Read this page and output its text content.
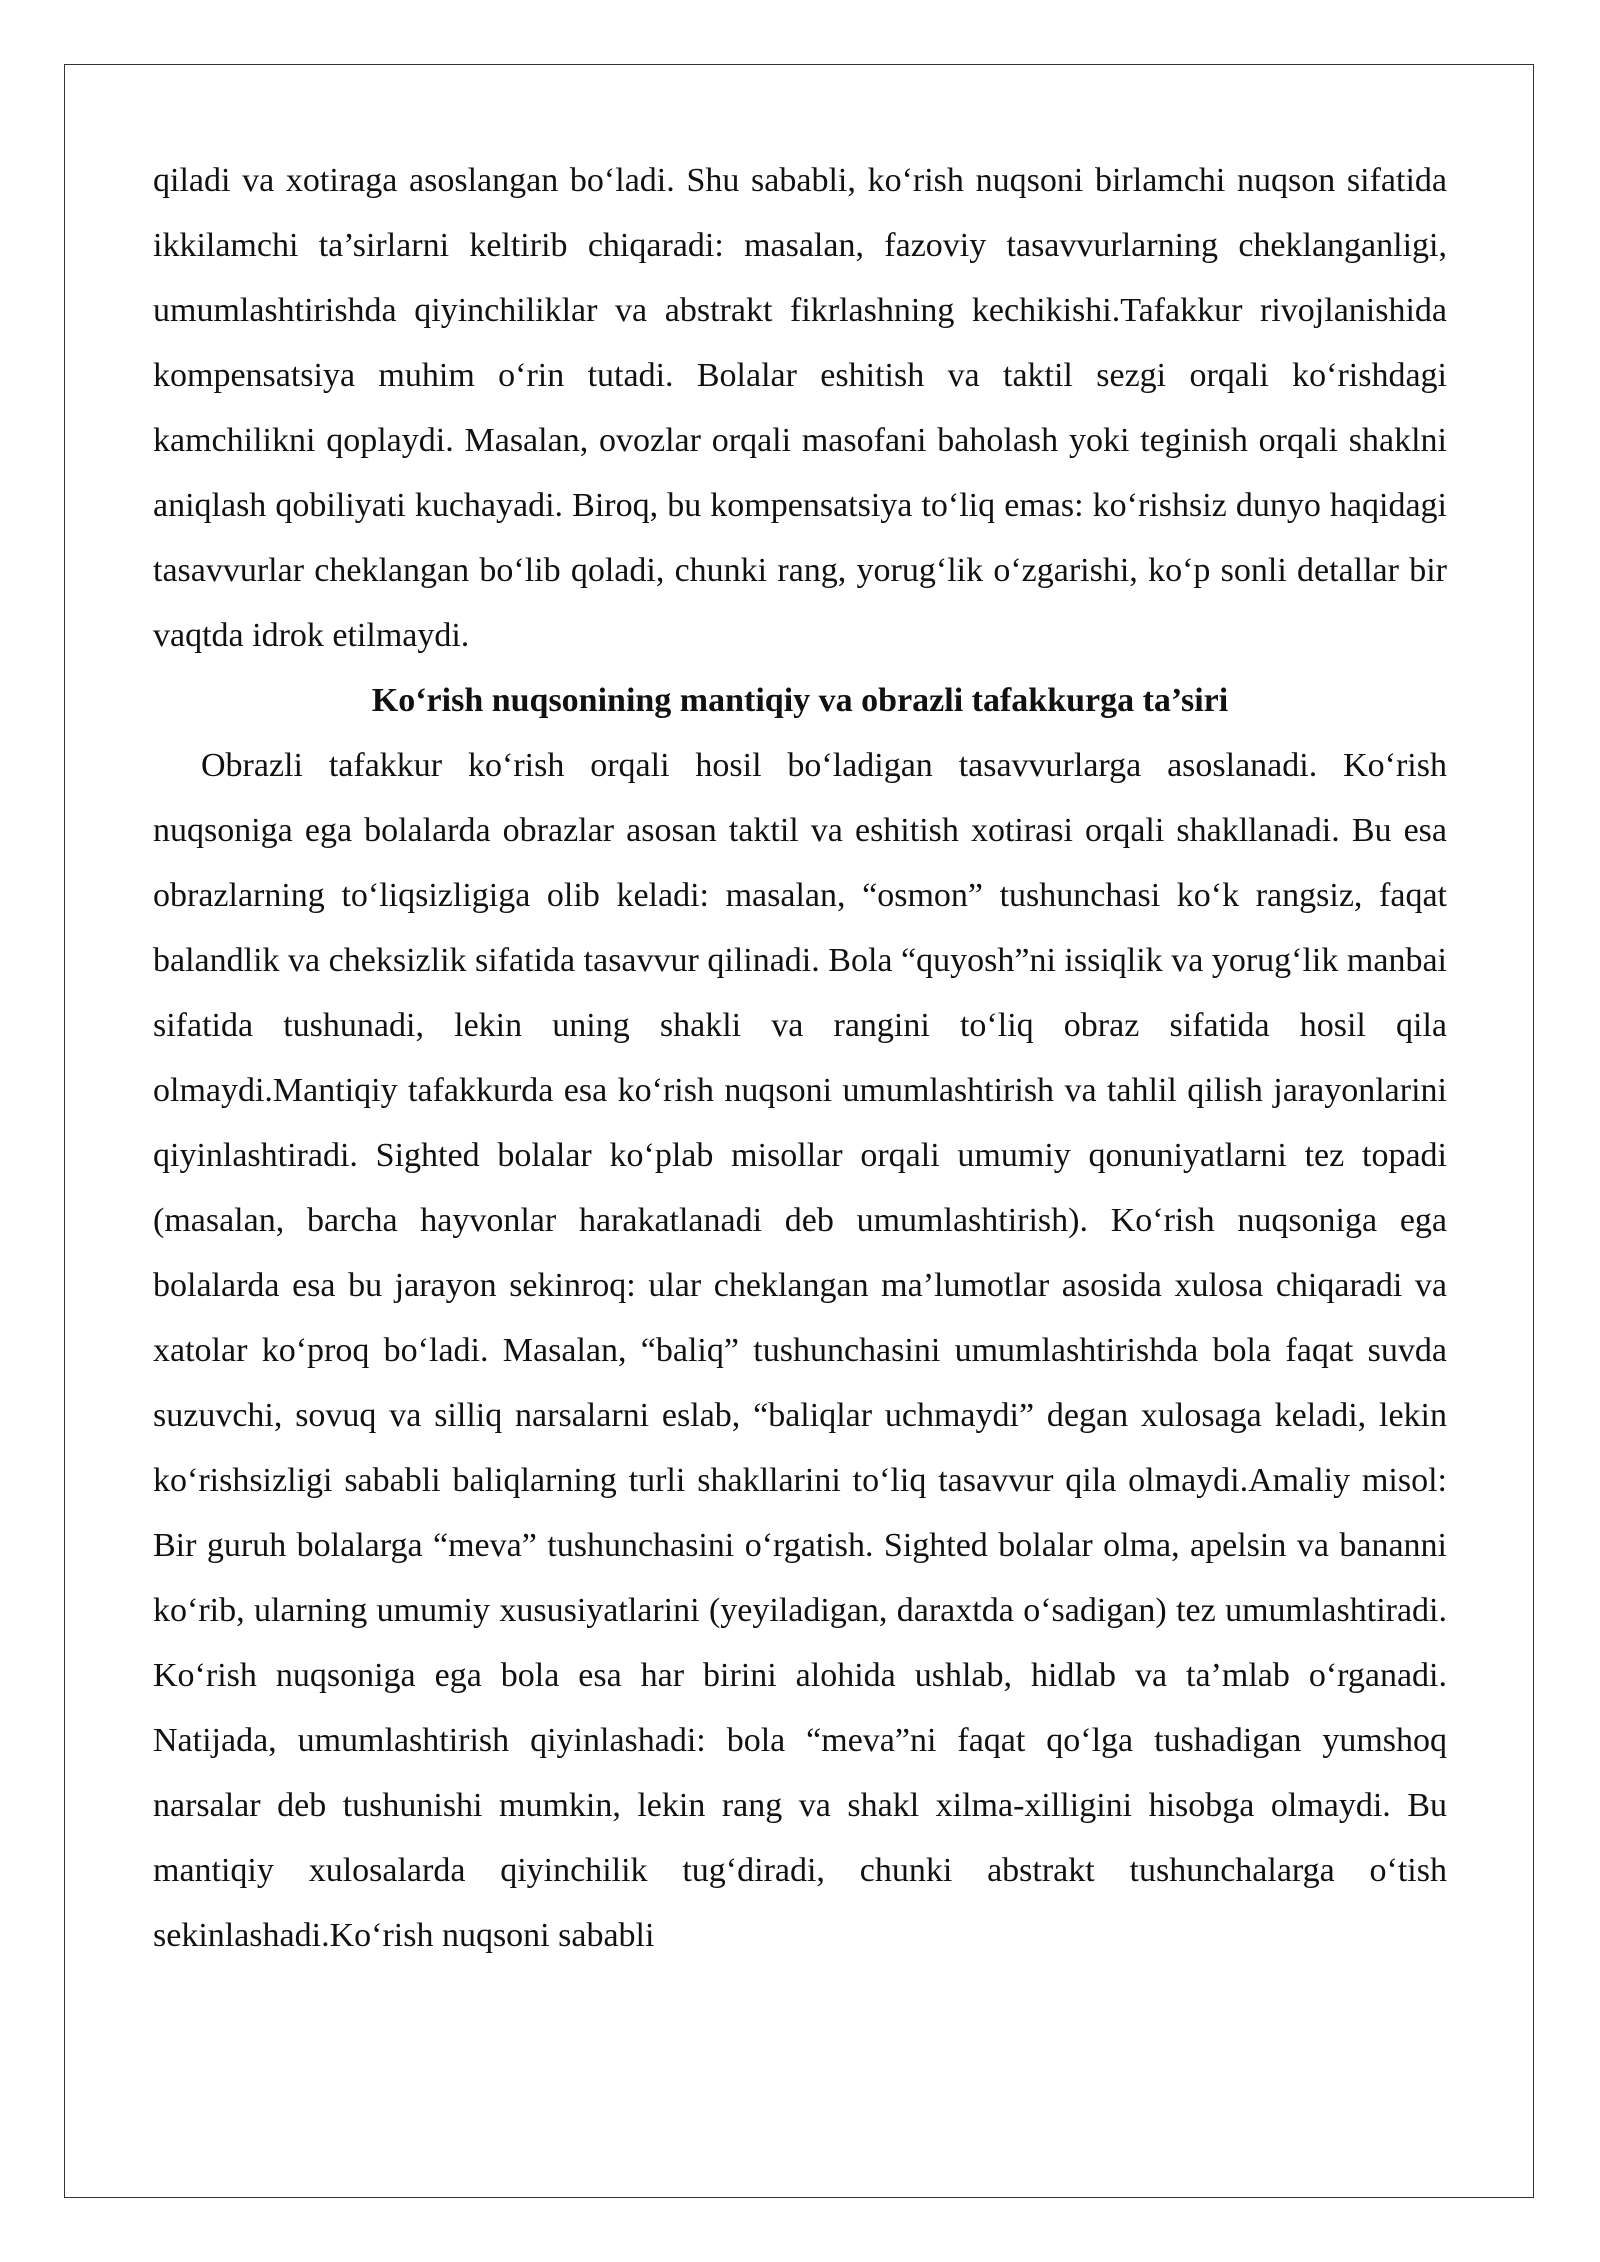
qiladi va xotiraga asoslangan bo‘ladi. Shu sababli, ko‘rish nuqsoni birlamchi nuqson sifatida ikkilamchi ta’sirlarni keltirib chiqaradi: masalan, fazoviy tasavvurlarning cheklanganligi, umumlashtirishda qiyinchiliklar va abstrakt fikrlashning kechikishi.Tafakkur rivojlanishida kompensatsiya muhim o‘rin tutadi. Bolalar eshitish va taktil sezgi orqali ko‘rishdagi kamchilikni qoplaydi. Masalan, ovozlar orqali masofani baholash yoki teginish orqali shaklni aniqlash qobiliyati kuchayadi. Biroq, bu kompensatsiya to‘liq emas: ko‘rishsiz dunyo haqidagi tasavvurlar cheklangan bo‘lib qoladi, chunki rang, yorug‘lik o‘zgarishi, ko‘p sonli detallar bir vaqtda idrok etilmaydi.

Ko‘rish nuqsonining mantiqiy va obrazli tafakkurga ta’siri

Obrazli tafakkur ko‘rish orqali hosil bo‘ladigan tasavvurlarga asoslanadi. Ko‘rish nuqsoniga ega bolalarda obrazlar asosan taktil va eshitish xotirasi orqali shakllanadi. Bu esa obrazlarning to‘liqsizligiga olib keladi: masalan, “osmon” tushunchasi ko‘k rangsiz, faqat balandlik va cheksizlik sifatida tasavvur qilinadi. Bola “quyosh”ni issiqlik va yorug‘lik manbai sifatida tushunadi, lekin uning shakli va rangini to‘liq obraz sifatida hosil qila olmaydi.Mantiqiy tafakkurda esa ko‘rish nuqsoni umumlashtirish va tahlil qilish jarayonlarini qiyinlashtiradi. Sighted bolalar ko‘plab misollar orqali umumiy qonuniyatlarni tez topadi (masalan, barcha hayvonlar harakatlanadi deb umumlashtirish). Ko‘rish nuqsoniga ega bolalarda esa bu jarayon sekinroq: ular cheklangan ma’lumotlar asosida xulosa chiqaradi va xatolar ko‘proq bo‘ladi. Masalan, “baliq” tushunchasini umumlashtirishda bola faqat suvda suzuvchi, sovuq va silliq narsalarni eslab, “baliqlar uchmaydi” degan xulosaga keladi, lekin ko‘rishsizligi sababli baliqlarning turli shakllarini to‘liq tasavvur qila olmaydi.Amaliy misol: Bir guruh bolalarga “meva” tushunchasini o‘rgatish. Sighted bolalar olma, apelsin va bananni ko‘rib, ularning umumiy xususiyatlarini (yeyiladigan, daraxtda o‘sadigan) tez umumlashtiradi. Ko‘rish nuqsoniga ega bola esa har birini alohida ushlab, hidlab va ta’mlab o‘rganadi. Natijada, umumlashtirish qiyinlashadi: bola “meva”ni faqat qo‘lga tushadigan yumshoq narsalar deb tushunishi mumkin, lekin rang va shakl xilma-xilligini hisobga olmaydi. Bu mantiqiy xulosalarda qiyinchilik tug‘diradi, chunki abstrakt tushunchalarga o‘tish sekinlashadi.Ko‘rish nuqsoni sababli
